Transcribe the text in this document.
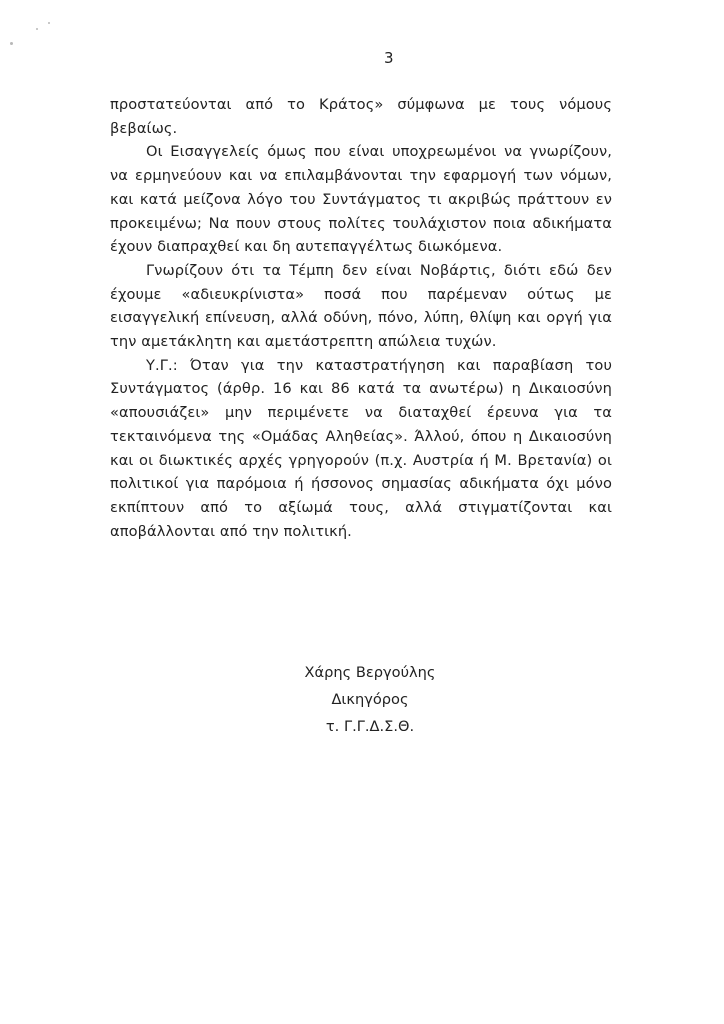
3

προστατεύονται από το Κράτος» σύμφωνα με τους νόμους βεβαίως.

Οι Εισαγγελείς όμως που είναι υποχρεωμένοι να γνωρίζουν, να ερμηνεύουν και να επιλαμβάνονται την εφαρμογή των νόμων, και κατά μείζονα λόγο του Συντάγματος τι ακριβώς πράττουν εν προκειμένω; Να πουν στους πολίτες τουλάχιστον ποια αδικήματα έχουν διαπραχθεί και δη αυτεπαγγέλτως διωκόμενα.

Γνωρίζουν ότι τα Τέμπη δεν είναι Νοβάρτις, διότι εδώ δεν έχουμε «αδιευκρίνιστα» ποσά που παρέμεναν ούτως με εισαγγελική επίνευση, αλλά οδύνη, πόνο, λύπη, θλίψη και οργή για την αμετάκλητη και αμετάστρεπτη απώλεια τυχών.

Υ.Γ.: Όταν για την καταστρατήγηση και παραβίαση του Συντάγματος (άρθρ. 16 και 86 κατά τα ανωτέρω) η Δικαιοσύνη «απουσιάζει» μην περιμένετε να διαταχθεί έρευνα για τα τεκταινόμενα της «Ομάδας Αληθείας». Άλλού, όπου η Δικαιοσύνη και οι διωκτικές αρχές γρηγορούν (π.χ. Αυστρία ή Μ. Βρετανία) οι πολιτικοί για παρόμοια ή ήσσονος σημασίας αδικήματα όχι μόνο εκπίπτουν από το αξίωμά τους, αλλά στιγματίζονται και αποβάλλονται από την πολιτική.

Χάρης Βεργούλης
Δικηγόρος
τ. Γ.Γ.Δ.Σ.Θ.
